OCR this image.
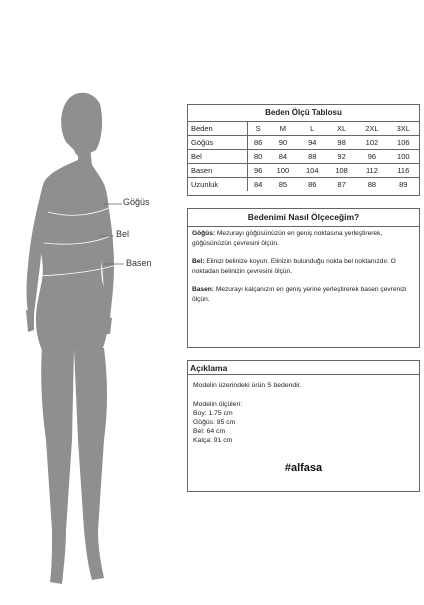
Göğüs
Bel
Basen
Beden Ölçü Tablosu
Beden	S	M	L	XL	2XL	3XL
Göğüs	86	90	94	98	102	106
Bel	80	84	88	92	96	100
Basen	96	100	104	108	112	116
Uzunluk	84	85	86	87	88	89
Bedenimi Nasıl Ölçeceğim?

Göğüs: Mezurayı göğüsünüzün en geniş noktasına yerleştirerek, göğüsünüzün çevresini ölçün.

Bel: Elinizi belinize koyun. Elinizin bulunduğu nokta bel noktanızdır. O noktadan belinizin çevresini ölçün.

Basen: Mezurayı kalçanızın en geniş yerine yerleştirerek basen çevrenizi ölçün.

Açıklama

Modelin üzerindeki ürün S bedendir.

Modelin ölçüleri:
Boy: 1.75 cm
Göğüs: 85 cm
Bel: 64 cm
Kalça: 91 cm
#alfasa
